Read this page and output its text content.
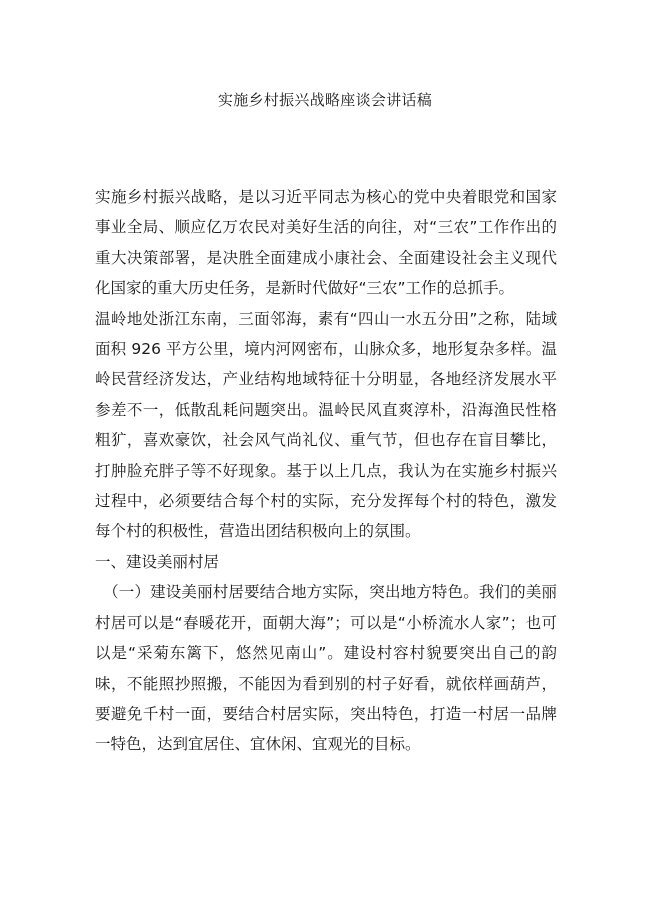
实施乡村振兴战略座谈会讲话稿

实施乡村振兴战略，是以习近平同志为核心的党中央着眼党和国家事业全局、顺应亿万农民对美好生活的向往，对“三农”工作作出的重大决策部署，是决胜全面建成小康社会、全面建设社会主义现代化国家的重大历史任务，是新时代做好“三农”工作的总抓手。

温岭地处浙江东南，三面邻海，素有“四山一水五分田”之称，陆域面积 926 平方公里，境内河网密布，山脉众多，地形复杂多样。温岭民营经济发达，产业结构地域特征十分明显，各地经济发展水平参差不一，低散乱耗问题突出。温岭民风直爽淳朴，沿海渔民性格粗犷，喜欢豪饮，社会风气尚礼仪、重气节，但也存在盲目攀比，打肿脸充胖子等不好现象。基于以上几点，我认为在实施乡村振兴过程中，必须要结合每个村的实际，充分发挥每个村的特色，激发每个村的积极性，营造出团结积极向上的氛围。

一、建设美丽村居

（一）建设美丽村居要结合地方实际，突出地方特色。我们的美丽村居可以是“春暖花开，面朝大海”；可以是“小桥流水人家”；也可以是“采菊东篱下，悠然见南山”。建设村容村貌要突出自己的韵味，不能照抄照搬，不能因为看到别的村子好看，就依样画葫芦，要避免千村一面，要结合村居实际，突出特色，打造一村居一品牌一特色，达到宜居住、宜休闲、宜观光的目标。
